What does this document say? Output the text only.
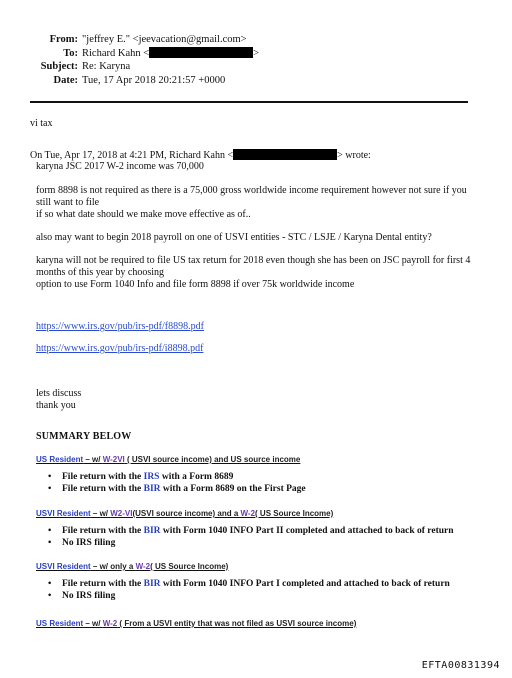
From: "jeffrey E." <jeevacation@gmail.com>
To: Richard Kahn <	>
Subject: Re: Karyna
Date: Tue, 17 Apr 2018 20:21:57 +0000
vi tax
On Tue, Apr 17, 2018 at 4:21 PM, Richard Kahn <	> wrote:
karyna JSC 2017 W-2 income was 70,000
form 8898 is not required as there is a 75,000 gross worldwide income requirement however not sure if you
still want to file
if so what date should we make move effective as of..
also may want to begin 2018 payroll on one of USVI entities - STC / LSJE / Karyna Dental entity?
karyna will not be required to file US tax return for 2018 even though she has been on JSC payroll for first 4
months of this year by choosing
option to use Form 1040 Info and file form 8898 if over 75k worldwide income
https://www.irs.gov/pub/irs-pdf/f8898.pdf
https://www.irs.gov/pub/irs-pdf/i8898.pdf
lets discuss
thank you
SUMMARY BELOW
US Resident – w/ W-2VI ( USVI source income) and US source income
• File return with the IRS with a Form 8689
• File return with the BIR with a Form 8689 on the First Page
USVI Resident – w/ W2-VI(USVI source income) and a W-2( US Source Income)
• File return with the BIR with Form 1040 INFO Part II completed and attached to back of return
• No IRS filing
USVI Resident – w/ only a W-2( US Source Income)
• File return with the BIR with Form 1040 INFO Part I completed and attached to back of return
• No IRS filing
US Resident – w/ W-2 ( From a USVI entity that was not filed as USVI source income)
EFTA00831394
